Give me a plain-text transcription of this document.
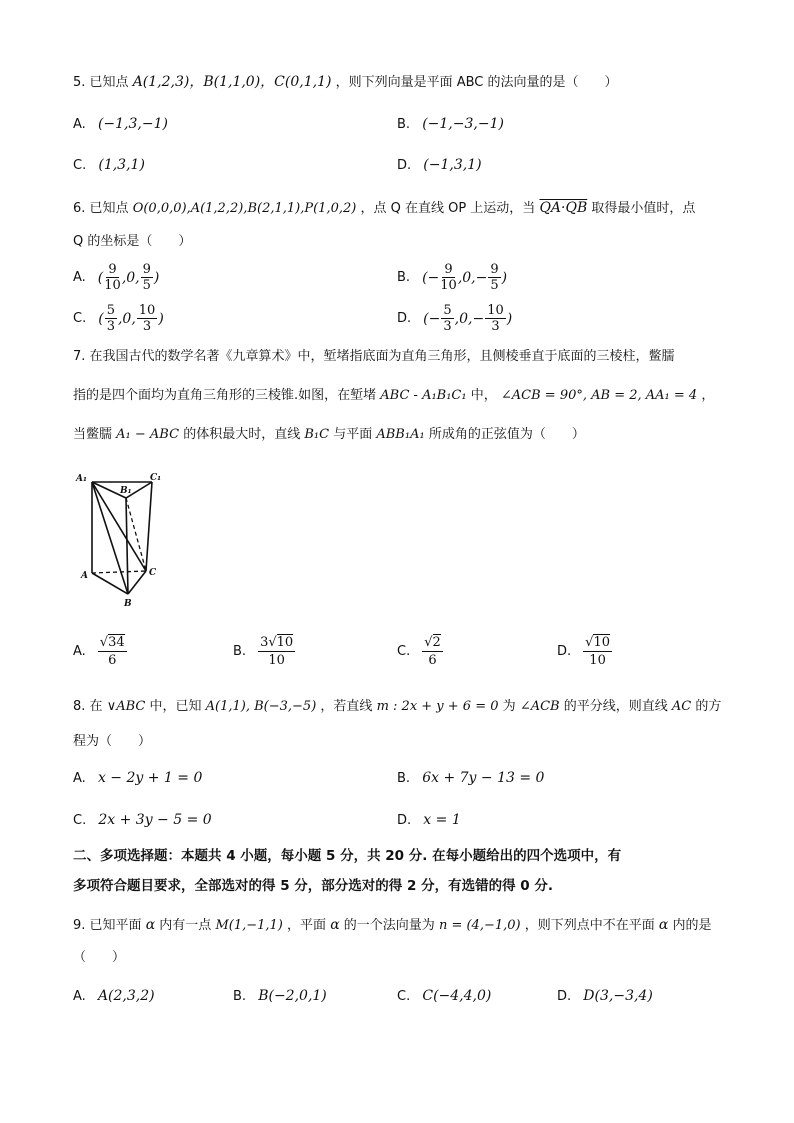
5. 已知点 A(1,2,3)，B(1,1,0)，C(0,1,1) ，则下列向量是平面 ABC 的法向量的是（　　）
A. (−1,3,−1)	B. (−1,−3,−1)
C. (1,3,1)	D. (−1,3,1)
6. 已知点 O(0,0,0),A(1,2,2),B(2,1,1),P(1,0,2) ，点 Q 在直线 OP 上运动，当 QA·QB 取得最小值时，点
Q 的坐标是（　　）
A. ( $\frac{9}{10} ,0$, $\frac{9}{5}$ )	B. (− $\frac{9}{10} ,0,- \frac{9}{5}$ )
C. ( $\frac{5}{3} ,0$, $\frac{10}{3}$ )	D. (− $\frac{5}{3} ,0,- \frac{10}{3}$ )
7. 在我国古代的数学名著《九章算术》中，堑堵指底面为直角三角形，且侧棱垂直于底面的三棱柱，鳖臑
指的是四个面均为直角三角形的三棱锥.如图，在堑堵 ABC - A₁B₁C₁ 中， ∠ACB = 90°, AB = 2, AA₁ = 4 ，
当鳖臑 A₁ − ABC 的体积最大时，直线 B₁C 与平面 ABB₁A₁ 所成角的正弦值为（　　）
A₁
B₁
C₁
A
B
C
A. $\frac{√34}{6}$	B. $\frac{3√10}{10}$	C. $\frac{√2}{6}$	D. $\frac{√10}{10}$
8. 在 ∨ABC 中，已知 A(1,1), B(−3,−5) ，若直线 m : 2x + y + 6 = 0 为 ∠ACB 的平分线，则直线 AC 的方
程为（　　）
A. x − 2y + 1 = 0	B. 6x + 7y − 13 = 0
C. 2x + 3y − 5 = 0	D. x = 1
二、多项选择题：本题共 4 小题，每小题 5 分，共 20 分. 在每小题给出的四个选项中，有
多项符合题目要求，全部选对的得 5 分，部分选对的得 2 分，有选错的得 0 分.
9. 已知平面 α 内有一点 M(1,−1,1) ，平面 α 的一个法向量为 n = (4,−1,0) ，则下列点中不在平面 α 内的是
（　　）
A. A(2,3,2)	B. B(−2,0,1)	C. C(−4,4,0)	D. D(3,−3,4)
